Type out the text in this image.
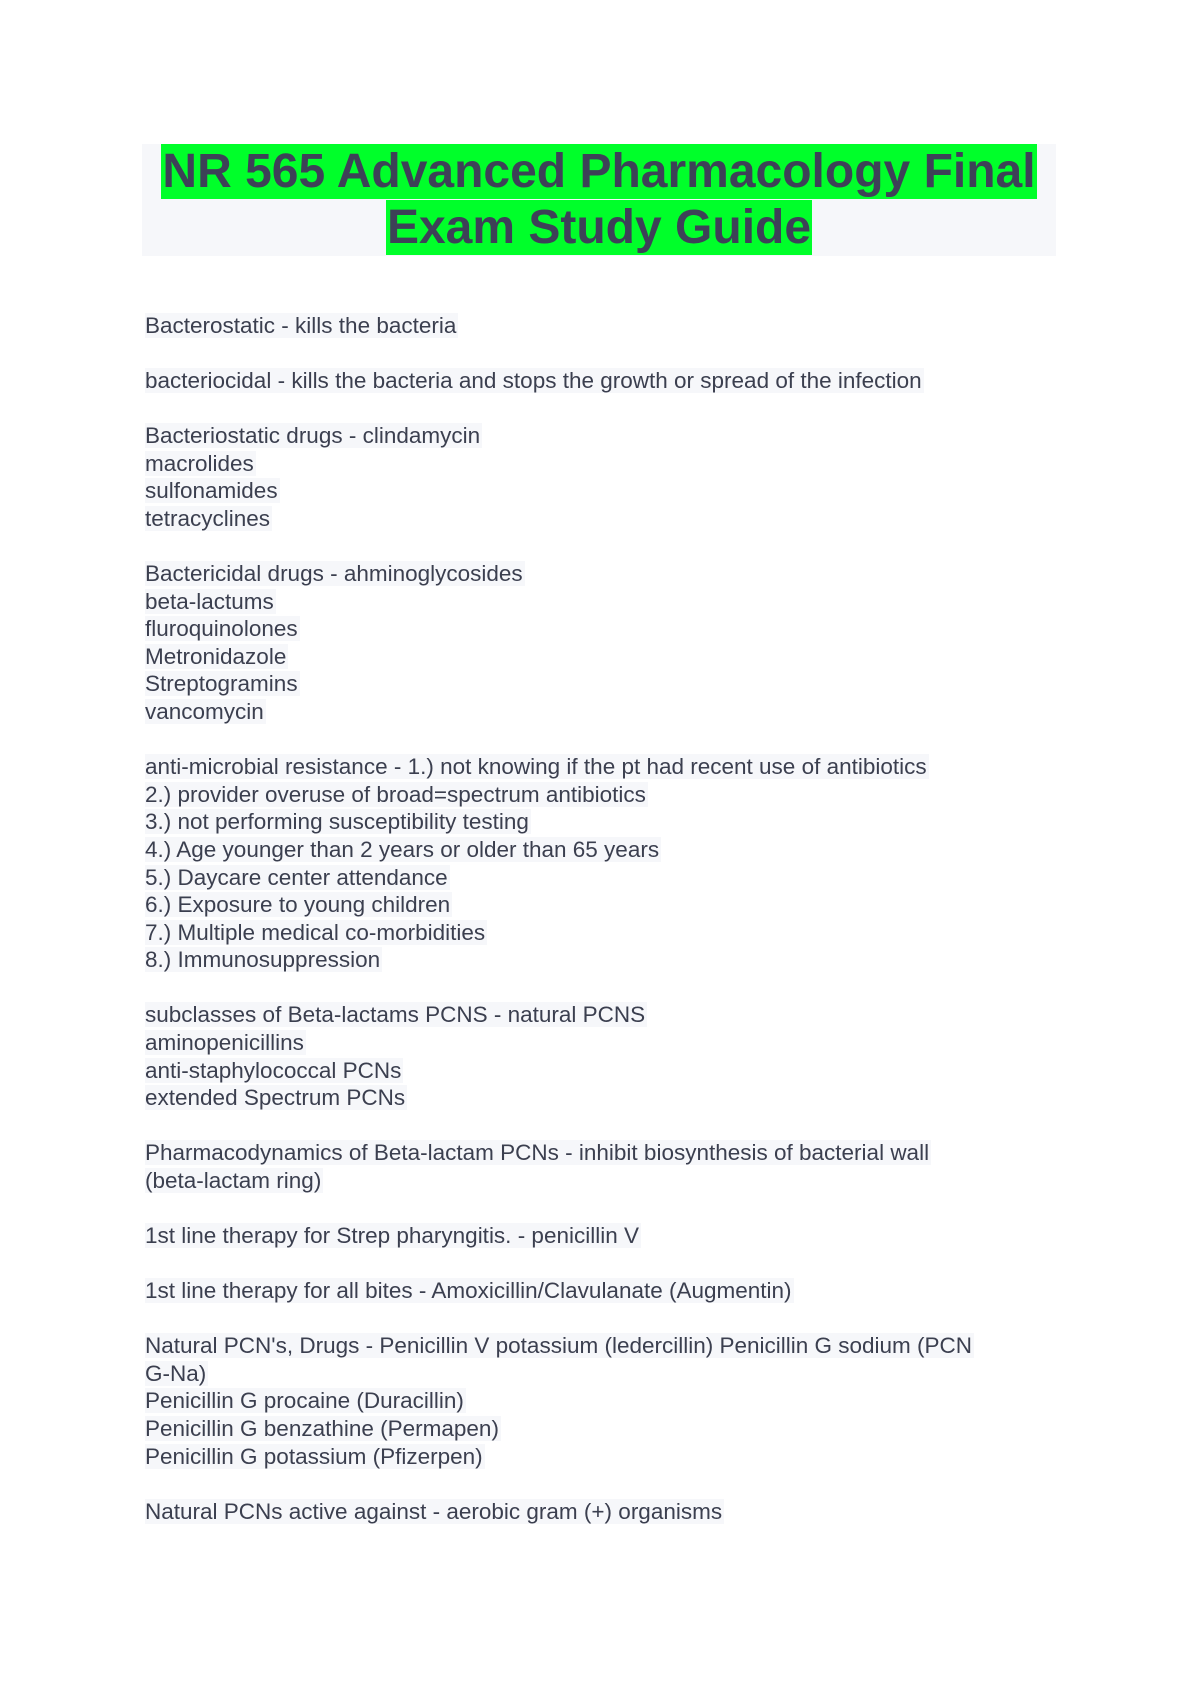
NR 565 Advanced Pharmacology Final
Exam Study Guide
Bacterostatic - kills the bacteria
bacteriocidal - kills the bacteria and stops the growth or spread of the infection
Bacteriostatic drugs - clindamycin
macrolides
sulfonamides
tetracyclines
Bactericidal drugs - ahminoglycosides
beta-lactums
fluroquinolones
Metronidazole
Streptogramins
vancomycin
anti-microbial resistance - 1.) not knowing if the pt had recent use of antibiotics
2.) provider overuse of broad=spectrum antibiotics
3.) not performing susceptibility testing
4.) Age younger than 2 years or older than 65 years
5.) Daycare center attendance
6.) Exposure to young children
7.) Multiple medical co-morbidities
8.) Immunosuppression
subclasses of Beta-lactams PCNS - natural PCNS
aminopenicillins
anti-staphylococcal PCNs
extended Spectrum PCNs
Pharmacodynamics of Beta-lactam PCNs - inhibit biosynthesis of bacterial wall
(beta-lactam ring)
1st line therapy for Strep pharyngitis. - penicillin V
1st line therapy for all bites - Amoxicillin/Clavulanate (Augmentin)
Natural PCN's, Drugs - Penicillin V potassium (ledercillin) Penicillin G sodium (PCN
G-Na)
Penicillin G procaine (Duracillin)
Penicillin G benzathine (Permapen)
Penicillin G potassium (Pfizerpen)
Natural PCNs active against - aerobic gram (+) organisms
